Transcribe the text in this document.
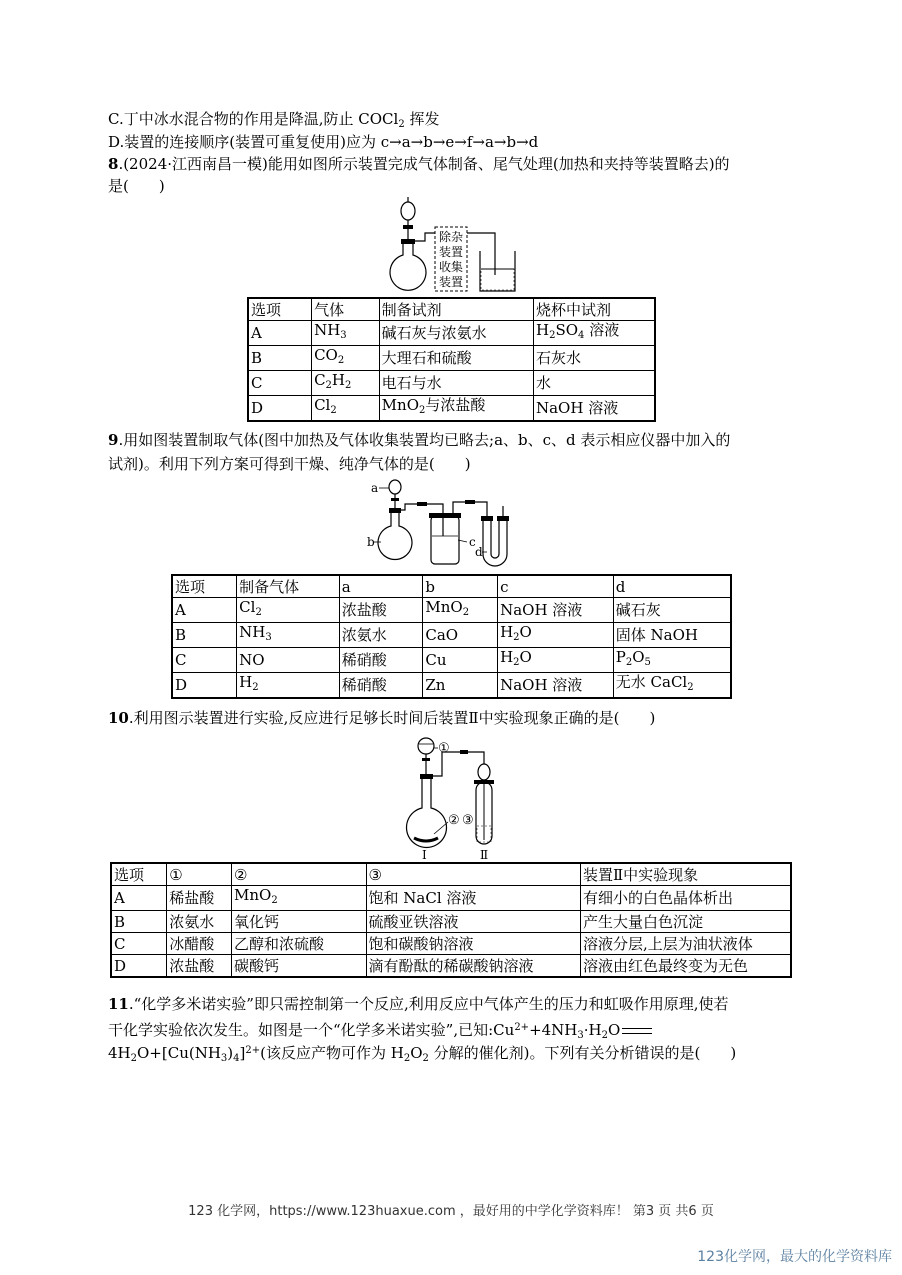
C.丁中冰水混合物的作用是降温,防止 COCl$_2$ 挥发
D.装置的连接顺序(装置可重复使用)应为 c→a→b→e→f→a→b→d
8.(2024·江西南昌一模)能用如图所示装置完成气体制备、尾气处理(加热和夹持等装置略去)的
是(　　)
除杂
装置
收集
装置
选项	气体	制备试剂	烧杯中试剂
A	$NH_3$	碱石灰与浓氨水	$H_2SO_4$ 溶液
B	$CO_2$	大理石和硫酸	石灰水
C	$C_2H_2$	电石与水	水
D	$Cl_2$	MnO$_2$与浓盐酸	NaOH 溶液
9.用如图装置制取气体(图中加热及气体收集装置均已略去;a、b、c、d 表示相应仪器中加入的
试剂)。利用下列方案可得到干燥、纯净气体的是(　　)
a
b	c
d
选项	制备气体	a	b	c	d
A	$Cl_2$	浓盐酸	MnO$_2$	NaOH 溶液	碱石灰
B	$NH_3$	浓氨水	CaO	$H_2O$	固体 NaOH
C	NO	稀硝酸	Cu	$H_2O$	$P_2O_5$
D	$H_2$	稀硝酸	Zn	NaOH 溶液	无水 CaCl$_2$
10.利用图示装置进行实验,反应进行足够长时间后装置Ⅱ中实验现象正确的是(　　)
①
② ③
Ⅰ	Ⅱ
选项	①	②	③	装置Ⅱ中实验现象
A	稀盐酸	MnO$_2$	饱和 NaCl 溶液	有细小的白色晶体析出
B	浓氨水	氧化钙	硫酸亚铁溶液	产生大量白色沉淀
C	冰醋酸	乙醇和浓硫酸	饱和碳酸钠溶液	溶液分层,上层为油状液体
D	浓盐酸	碳酸钙	滴有酚酞的稀碳酸钠溶液	溶液由红色最终变为无色
11.“化学多米诺实验”即只需控制第一个反应,利用反应中气体产生的压力和虹吸作用原理,使若
干化学实验依次发生。如图是一个“化学多米诺实验”,已知$:Cu^{2+}+4NH_3\cdot H_2O$
$4H_2O+[Cu(NH_3)_4]^{2+}$(该反应产物可作为 $H_2O_2$ 分解的催化剂)。下列有关分析错误的是(　　)
123 化学网，https://www.123huaxue.com ，最好用的中学化学资料库！ 第3 页 共6 页
123化学网，最大的化学资料库
